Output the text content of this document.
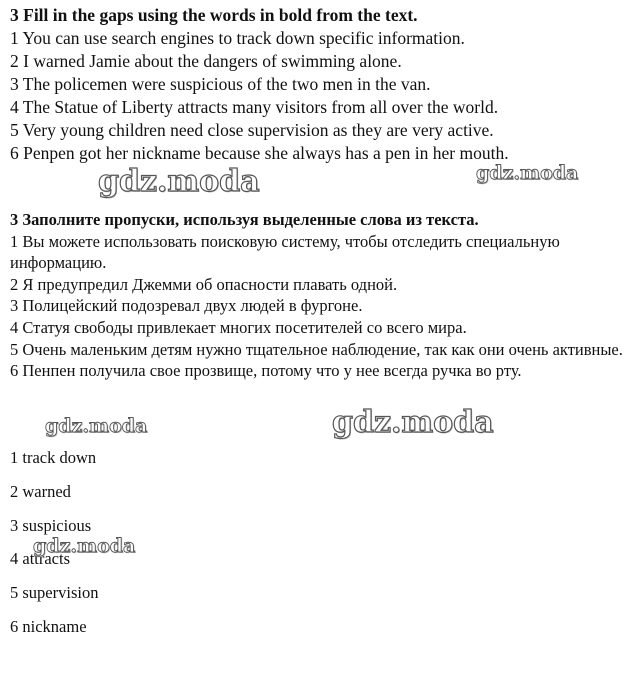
3 Fill in the gaps using the words in bold from the text.
1 You can use search engines to track down specific information.
2 I warned Jamie about the dangers of swimming alone.
3 The policemen were suspicious of the two men in the van.
4 The Statue of Liberty attracts many visitors from all over the world.
5 Very young children need close supervision as they are very active.
6 Penpen got her nickname because she always has a pen in her mouth.
3 Заполните пропуски, используя выделенные слова из текста.
1 Вы можете использовать поисковую систему, чтобы отследить специальную информацию.
2 Я предупредил Джемми об опасности плавать одной.
3 Полицейский подозревал двух людей в фургоне.
4 Статуя свободы привлекает многих посетителей со всего мира.
5 Очень маленьким детям нужно тщательное наблюдение, так как они очень активные.
6 Пенпен получила свое прозвище, потому что у нее всегда ручка во рту.
1 track down
2 warned
3 suspicious
4 attracts
5 supervision
6 nickname
gdz.moda	gdz.moda
gdz.moda
gdz.moda
gdz.moda
